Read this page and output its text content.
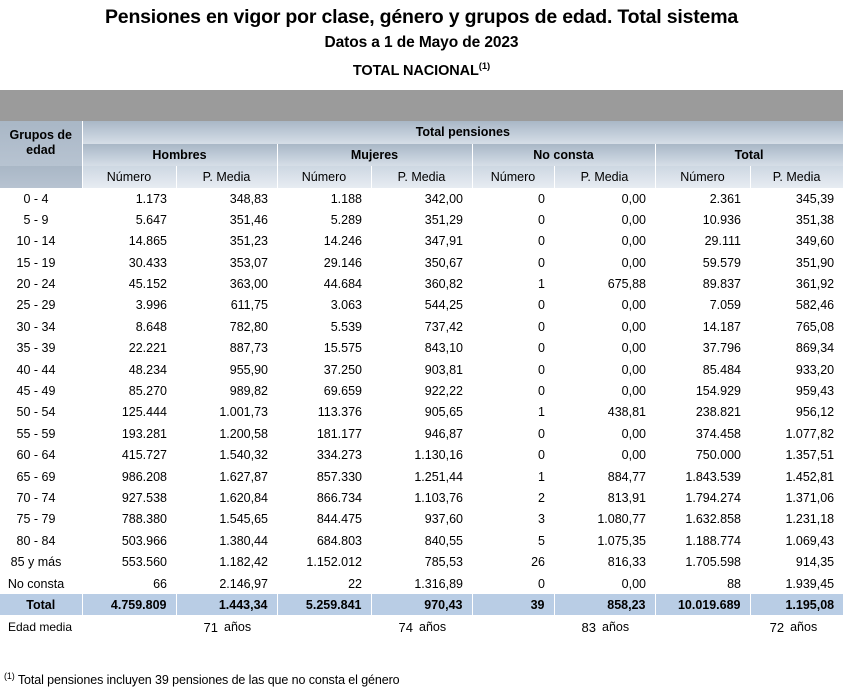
Pensiones en vigor por clase, género y grupos de edad. Total sistema
Datos a 1 de Mayo de 2023
TOTAL NACIONAL$^{(1)}$
Grupos de
edad	Total pensiones							
	Hombres		Mujeres		No consta		Total	
	Número	P. Media	Número	P. Media	Número	P. Media	Número	P. Media
0 - 4	1.173	348,83	1.188	342,00	0	0,00	2.361	345,39
5 - 9	5.647	351,46	5.289	351,29	0	0,00	10.936	351,38
10 - 14	14.865	351,23	14.246	347,91	0	0,00	29.111	349,60
15 - 19	30.433	353,07	29.146	350,67	0	0,00	59.579	351,90
20 - 24	45.152	363,00	44.684	360,82	1	675,88	89.837	361,92
25 - 29	3.996	611,75	3.063	544,25	0	0,00	7.059	582,46
30 - 34	8.648	782,80	5.539	737,42	0	0,00	14.187	765,08
35 - 39	22.221	887,73	15.575	843,10	0	0,00	37.796	869,34
40 - 44	48.234	955,90	37.250	903,81	0	0,00	85.484	933,20
45 - 49	85.270	989,82	69.659	922,22	0	0,00	154.929	959,43
50 - 54	125.444	1.001,73	113.376	905,65	1	438,81	238.821	956,12
55 - 59	193.281	1.200,58	181.177	946,87	0	0,00	374.458	1.077,82
60 - 64	415.727	1.540,32	334.273	1.130,16	0	0,00	750.000	1.357,51
65 - 69	986.208	1.627,87	857.330	1.251,44	1	884,77	1.843.539	1.452,81
70 - 74	927.538	1.620,84	866.734	1.103,76	2	813,91	1.794.274	1.371,06
75 - 79	788.380	1.545,65	844.475	937,60	3	1.080,77	1.632.858	1.231,18
80 - 84	503.966	1.380,44	684.803	840,55	5	1.075,35	1.188.774	1.069,43
85 y más	553.560	1.182,42	1.152.012	785,53	26	816,33	1.705.598	914,35
No consta	66	2.146,97	22	1.316,89	0	0,00	88	1.939,45
Total	4.759.809	1.443,34	5.259.841	970,43	39	858,23	10.019.689	1.195,08
Edad media	71 años		74 años		83 años		72 años	
$^{(1)}$ Total pensiones incluyen 39 pensiones de las que no consta el género
